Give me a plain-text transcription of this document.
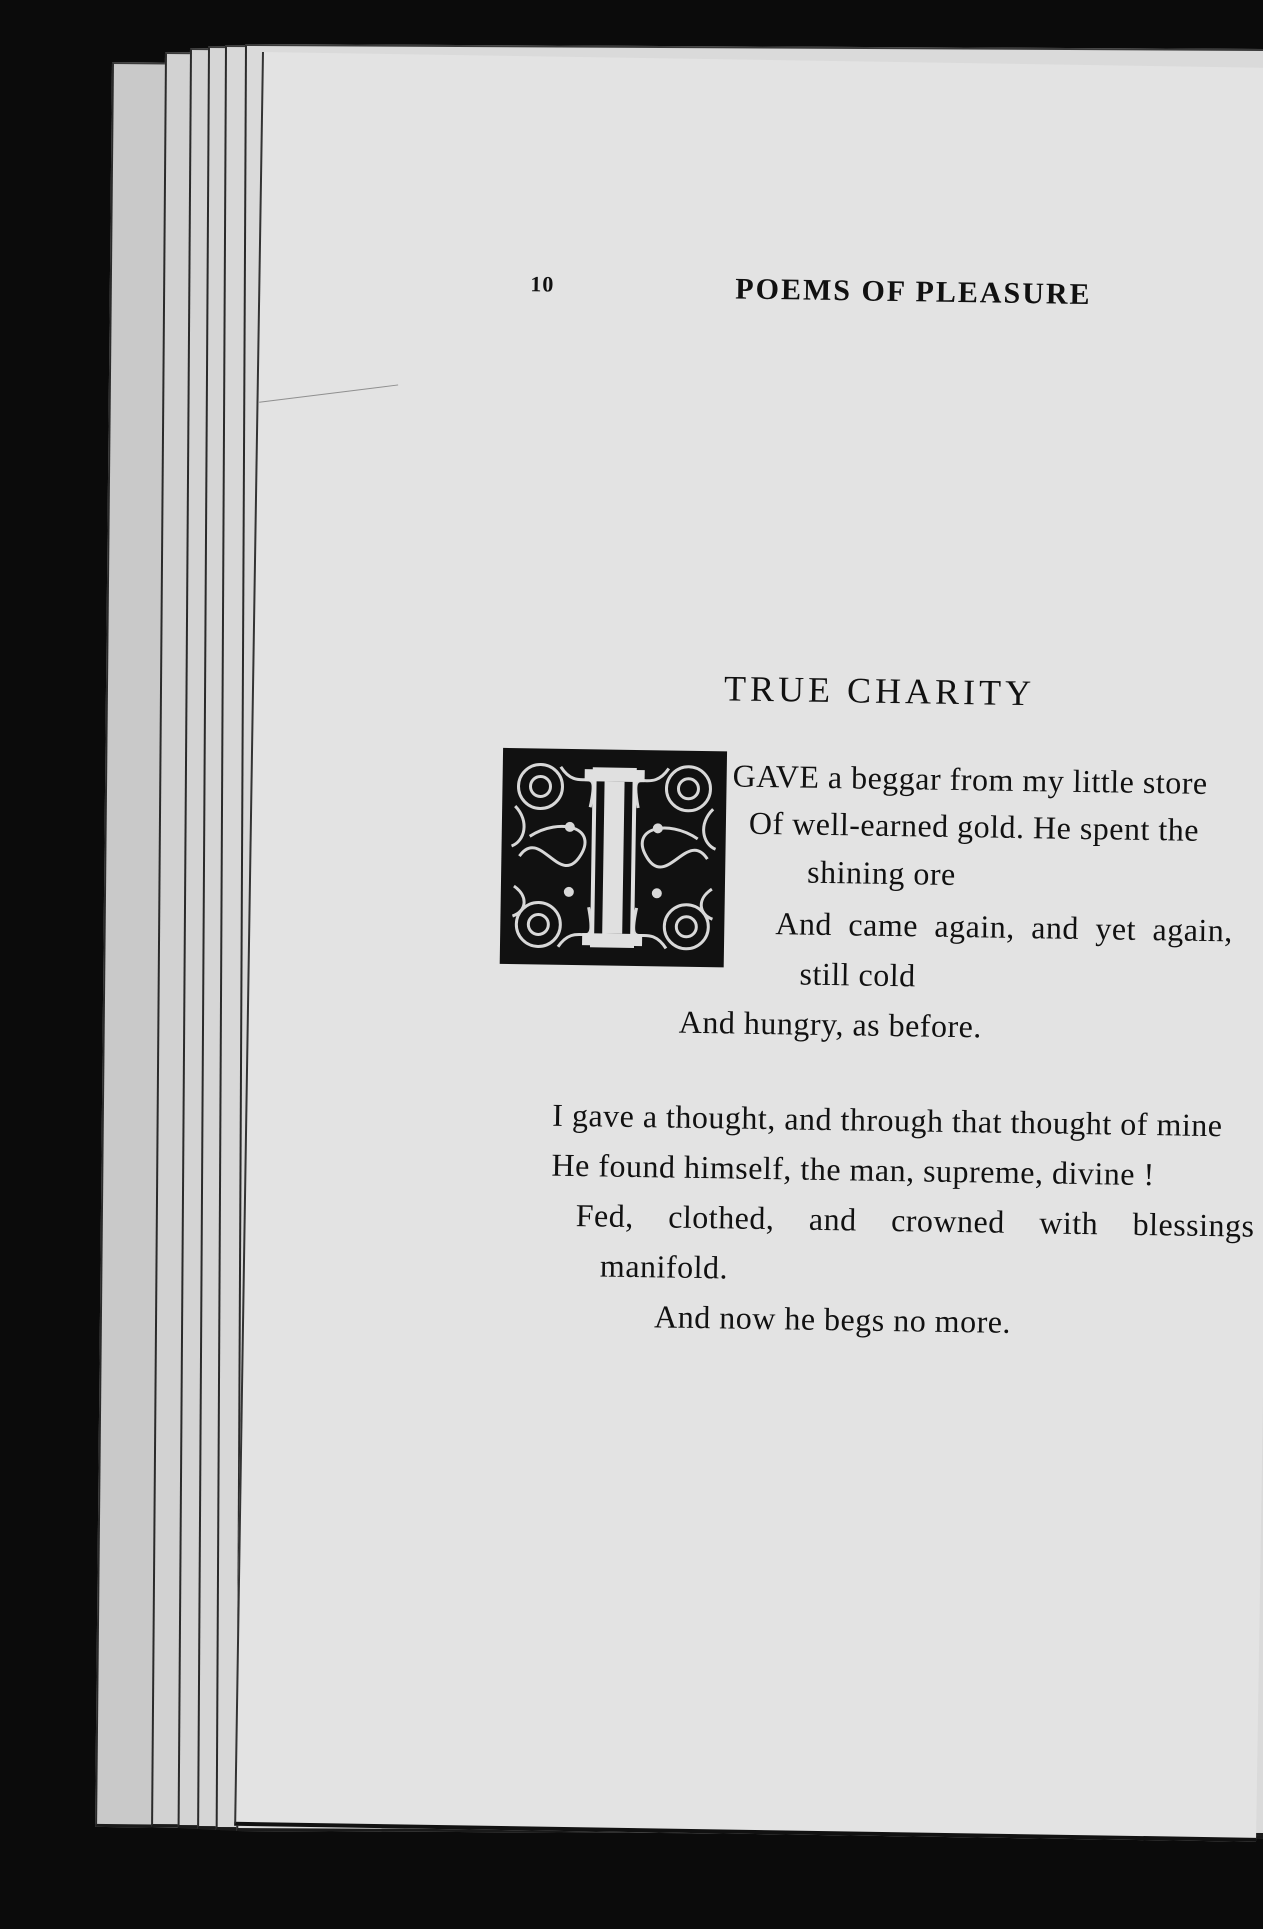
10	POEMS OF PLEASURE
TRUE CHARITY
GAVE a beggar from my little store
Of well-earned gold. He spent the
shining ore
And came again, and yet again,
still cold
And hungry, as before.
I gave a thought, and through that thought of mine
He found himself, the man, supreme, divine !
Fed, clothed, and crowned with blessings
manifold.
And now he begs no more.
